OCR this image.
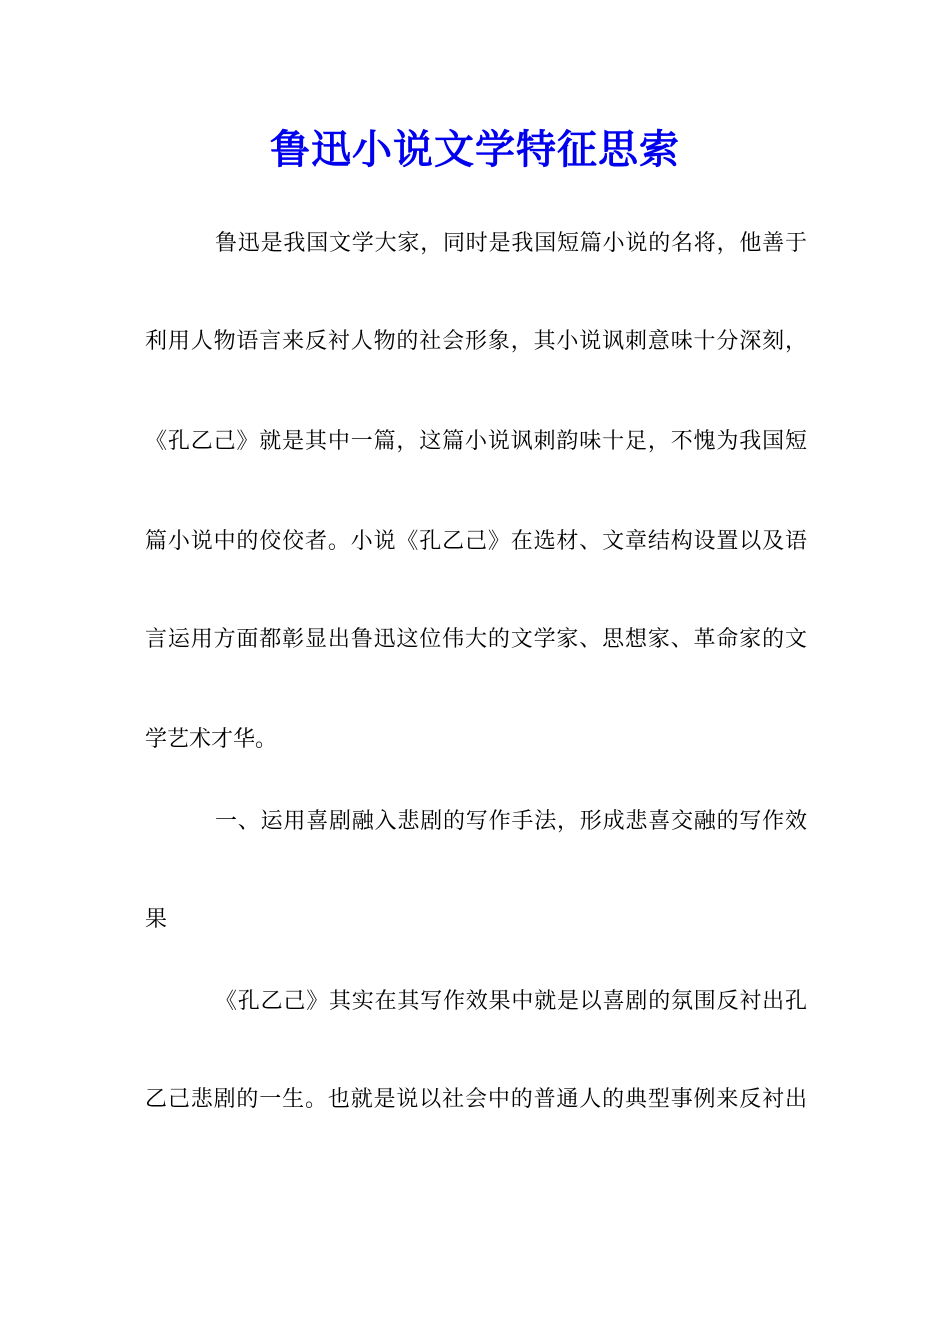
鲁迅小说文学特征思索

鲁迅是我国文学大家，同时是我国短篇小说的名将，他善于

利用人物语言来反衬人物的社会形象，其小说讽刺意味十分深刻，

《孔乙己》就是其中一篇，这篇小说讽刺韵味十足，不愧为我国短

篇小说中的佼佼者。小说《孔乙己》在选材、文章结构设置以及语

言运用方面都彰显出鲁迅这位伟大的文学家、思想家、革命家的文

学艺术才华。

一、运用喜剧融入悲剧的写作手法，形成悲喜交融的写作效

果

《孔乙己》其实在其写作效果中就是以喜剧的氛围反衬出孔

乙己悲剧的一生。也就是说以社会中的普通人的典型事例来反衬出
